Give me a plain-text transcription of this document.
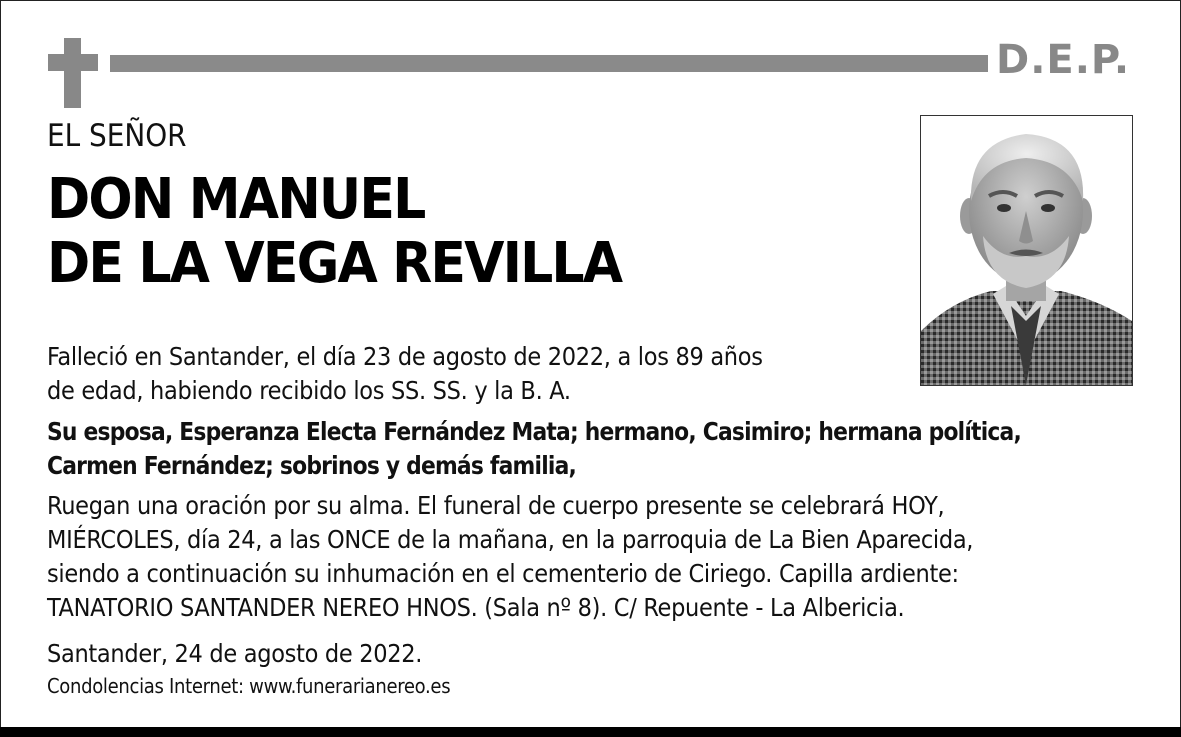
D.E.P.
EL SEÑOR
DON MANUEL
DE LA VEGA REVILLA
Falleció en Santander, el día 23 de agosto de 2022, a los 89 años
de edad, habiendo recibido los SS. SS. y la B. A.
Su esposa, Esperanza Electa Fernández Mata; hermano, Casimiro; hermana política,
Carmen Fernández; sobrinos y demás familia,
Ruegan una oración por su alma. El funeral de cuerpo presente se celebrará HOY,
MIÉRCOLES, día 24, a las ONCE de la mañana, en la parroquia de La Bien Aparecida,
siendo a continuación su inhumación en el cementerio de Ciriego. Capilla ardiente:
TANATORIO SANTANDER NEREO HNOS. (Sala nº 8). C/ Repuente - La Albericia.
Santander, 24 de agosto de 2022.
Condolencias Internet: www.funerarianereo.es
